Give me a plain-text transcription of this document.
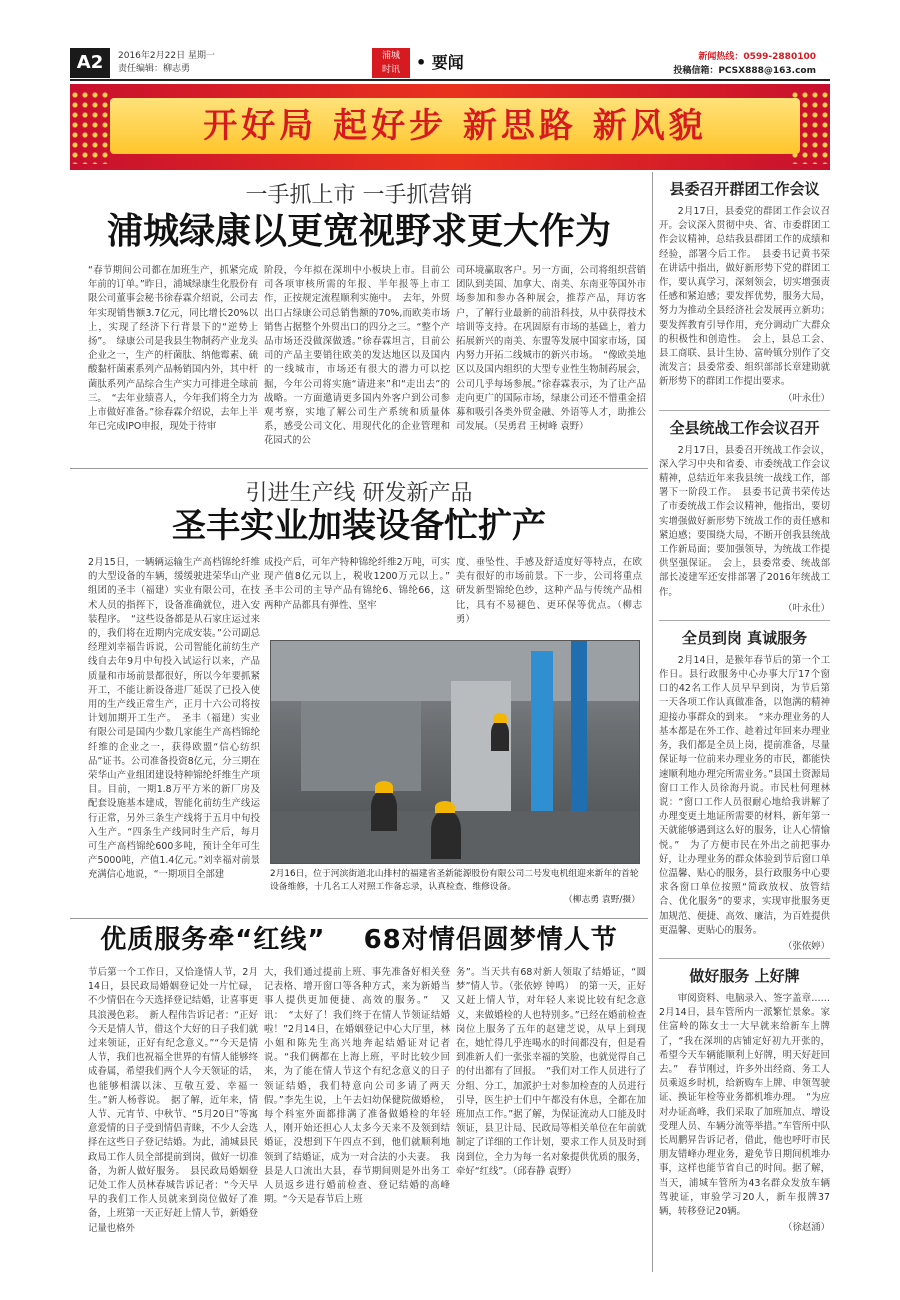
A2	2016年2月22日 星期一
责任编辑：柳志勇
浦城时讯 • 要闻	新闻热线：0599-2880100
投稿信箱：PCSX888@163.com
开好局 起好步 新思路 新风貌
一手抓上市 一手抓营销
浦城绿康以更宽视野求更大作为
“春节期间公司都在加班生产，抓紧完成年前的订单。”昨日，浦城绿康生化股份有限公司董事会秘书徐春霖介绍说，公司去年实现销售额3.7亿元，同比增长20%以上，实现了经济下行背景下的“逆势上扬”。　绿康公司是我县生物制药产业龙头企业之一，生产的杆菌肽、纳他霉素、硫酸黏杆菌素系列产品畅销国内外，其中杆菌肽系列产品综合生产实力可排进全球前三。　“去年业绩喜人，今年我们将全力为上市做好准备。”徐春霖介绍说，去年上半年已完成IPO申报，现处于待审
阶段，今年拟在深圳中小板块上市。目前公司各项审核所需的年报、半年报等上市工作，正按规定流程顺利实施中。　去年，外贸出口占绿康公司总销售额的70%,而欧美市场销售占据整个外贸出口的四分之三。“整个产品市场还没做深做透。”徐春霖坦言，目前公司的产品主要销往欧美的发达地区以及国内的一线城市，市场还有很大的潜力可以挖掘，今年公司将实施“请进来”和“走出去”的战略。一方面邀请更多国内外客户到公司参观考察，实地了解公司生产系统和质量体系，感受公司文化、用现代化的企业管理和花园式的公
司环境赢取客户。另一方面，公司将组织营销团队到美国、加拿大、南美、东南亚等国外市场参加和参办各种展会，推荐产品，拜访客户，了解行业最新的前沿科技，从中获得技术培训等支持。在巩固原有市场的基础上，着力拓展新兴的南美、东盟等发展中国家市场，国内努力开拓二线城市的新兴市场。　“像欧美地区以及国内组织的大型专业性生物制药展会，公司几乎每场参展。”徐春霖表示，为了让产品走向更广的国际市场，绿康公司还不惜重金招募和吸引各类外贸金融、外语等人才，助推公司发展。（吴勇君 王树峰 袁野）
引进生产线 研发新产品
圣丰实业加装设备忙扩产
2月15日，一辆辆运输生产高档锦纶纤维的大型设备的车辆，缓缓驶进荣华山产业组团的圣丰（福建）实业有限公司，在技术人员的指挥下，设备准确就位，进入安装程序。　“这些设备都是从石家庄运过来的，我们将在近期内完成安装。”公司副总经理刘幸福告诉说，公司智能化前纺生产线自去年9月中旬投入试运行以来，产品质量和市场前景都很好，所以今年要抓紧开工，不能让新设备进厂延误了已投入使用的生产线正常生产，正月十六公司将按计划加期开工生产。　圣丰（福建）实业有限公司是国内少数几家能生产高档锦纶纤维的企业之一，获得欧盟“信心纺织品”证书。公司准备投资8亿元，分三期在荣华山产业组团建设特种锦纶纤维生产项目。目前，一期1.8万平方米的新厂房及配套设施基本建成，智能化前纺生产线运行正常，另外三条生产线将于五月中旬投入生产。“四条生产线同时生产后，每月可生产高档锦纶600多吨，预计全年可生产5000吨，产值1.4亿元。”刘幸福对前景充满信心地说，“一期项目全部建
成投产后，可年产特种锦纶纤维2万吨，可实现产值8亿元以上，税收1200万元以上。”　圣丰公司的主导产品有锦纶6、锦纶66，这两种产品都具有弹性、坚牢
度、垂坠性、手感及舒适度好等特点，在欧美有很好的市场前景。下一步，公司将重点研发新型锦纶色纱，这种产品与传统产品相比，具有不易褪色、更环保等优点。（柳志勇）
2月16日，位于河滨街道北山排村的福建省圣新能源股份有限公司二号发电机组迎来新年的首轮设备维修，十几名工人对照工作备忘录，认真检查、维修设备。
（柳志勇 袁野/摄）
优质服务牵“红线” 68对情侣圆梦情人节
节后第一个工作日，又恰逢情人节，2月14日，县民政局婚姻登记处一片忙碌，不少情侣在今天选择登记结婚，让喜事更具浪漫色彩。　新人程伟告诉记者：“正好今天是情人节，借这个大好的日子我们就过来领证，正好有纪念意义。”“今天是情人节，我们也祝福全世界的有情人能够终成眷属，希望我们两个人今天领证的话，也能够相濡以沫、互敬互爱、幸福一生。”新人杨蓉说。　据了解，近年来，情人节、元宵节、中秋节、“5月20日”等寓意爱情的日子受到情侣青睐，不少人会选择在这些日子登记结婚。为此，浦城县民政局工作人员全部提前到岗，做好一切准备，为新人做好服务。　县民政局婚姻登记处工作人员林春城告诉记者：“今天早早的我们工作人员就来到岗位做好了准备，上班第一天正好赶上情人节，新婚登记量也格外
大，我们通过提前上班、事先准备好相关登记表格、增开窗口等各种方式，来为新婚当事人提供更加便捷、高效的服务。”　又讯：　“太好了！我们终于在情人节领证结婚啦！”2月14日，在婚姻登记中心大厅里，林小姐和陈先生高兴地奔起结婚证对记者说。“我们俩都在上海上班，平时比较少回来，为了能在情人节这个有纪念意义的日子领证结婚，我们特意向公司多请了两天假。”李先生说，上午去妇幼保健院做婚检，每个科室外面都排满了准备做婚检的年轻人，刚开始还担心人太多今天来不及领到结婚证，没想到下午四点不到，他们就顺利地领到了结婚证，成为一对合法的小夫妻。　我县是人口流出大县，春节期间则是外出务工人员返乡进行婚前检查、登记结婚的高峰期。“今天是春节后上班
务”。当天共有68对新人领取了结婚证，“圆梦”情人节。（张依婷 钟鸣）　的第一天，正好又赶上情人节，对年轻人来说比较有纪念意义，来做婚检的人也特别多。”已经在婚前检查岗位上服务了五年的赵建芝说，从早上到现在，她忙得几乎连喝水的时间都没有，但是看到准新人们一张张幸福的笑脸，也就觉得自己的付出都有了回报。　“我们对工作人员进行了分组、分工，加派护士对参加检查的人员进行引导，医生护士们中午都没有休息，全都在加班加点工作。”据了解，为保证流动人口能及时领证，县卫计局、民政局等相关单位在年前就制定了详细的工作计划，要求工作人员及时到岗到位，全力为每一名对象提供优质的服务，牵好“红线”。（邱春静 袁野）
县委召开群团工作会议
2月17日，县委党的群团工作会议召开。会议深入贯彻中央、省、市委群团工作会议精神，总结我县群团工作的成绩和经验，部署今后工作。　县委书记黄书荣在讲话中指出，做好新形势下党的群团工作，要认真学习，深刻领会，切实增强责任感和紧迫感；要发挥优势，服务大局，努力为推动全县经济社会发展再立新功；要发挥教育引导作用，充分调动广大群众的积极性和创造性。　会上，县总工会、县工商联、县计生协、富岭镇分别作了交流发言；县委常委、组织部部长章建勋就新形势下的群团工作提出要求。
（叶永仕）
全县统战工作会议召开
2月17日，县委召开统战工作会议，深入学习中央和省委、市委统战工作会议精神，总结近年来我县统一战线工作，部署下一阶段工作。　县委书记黄书荣传达了市委统战工作会议精神，他指出，要切实增强做好新形势下统战工作的责任感和紧迫感；要围绕大局，不断开创我县统战工作新局面；要加强领导，为统战工作提供坚强保证。　会上，县委常委、统战部部长凌建军还安排部署了2016年统战工作。
（叶永仕）
全员到岗 真诚服务
2月14日，是猴年春节后的第一个工作日。县行政服务中心办事大厅17个窗口的42名工作人员早早到岗，为节后第一天各项工作认真做准备，以饱满的精神迎接办事群众的到来。　“来办理业务的人基本都是在外工作、趁着过年回来办理业务，我们都是全员上岗，提前准备，尽量保证每一位前来办理业务的市民，都能快速顺利地办理完所需业务。”县国土资源局窗口工作人员徐海丹说。市民杜何理林说：“窗口工作人员很耐心地给我讲解了办理变更土地证所需要的材料，新年第一天就能够遇到这么好的服务，让人心情愉悦。”　为了方便市民在外出之前把事办好，让办理业务的群众体验到节后窗口单位温馨、贴心的服务，县行政服务中心要求各窗口单位按照“简政放权、放管结合、优化服务”的要求，实现审批服务更加规范、便捷、高效、廉洁，为百姓提供更温馨、更贴心的服务。
（张依婷）
做好服务 上好牌
审阅资料、电脑录入、签字盖章……2月14日，县车管所内一派繁忙景象。家住富岭的陈女士一大早就来给新车上牌了，“我在深圳的店铺定好初九开张的，希望今天车辆能顺利上好牌，明天好赶回去。”　春节刚过，许多外出经商、务工人员乘返乡时机，给新购车上牌、申领驾驶证、换证年检等业务都机堆办理。　“为应对办证高峰，我们采取了加班加点、增设受理人员、车辆分流等举措。”车管所中队长周鹏昇告诉记者，借此，他也呼吁市民朋友错峰办理业务，避免节日期间机堆办事，这样也能节省自己的时间。据了解，当天，浦城车管所为43名群众发放车辆驾驶证，审验学习20人，新车报牌37辆，转移登记20辆。
（徐赵涌）
